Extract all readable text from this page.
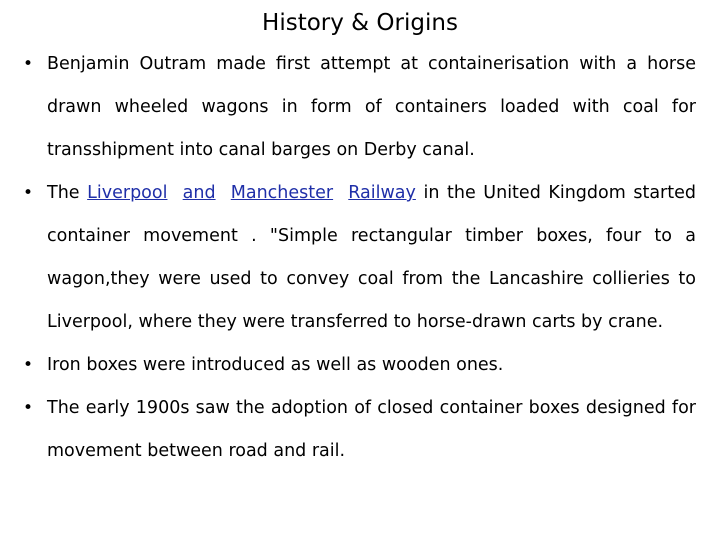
History & Origins
• Benjamin Outram made first attempt at containerisation with a horse drawn wheeled wagons in form of containers loaded with coal for transshipment into canal barges on Derby canal.
• The Liverpool and Manchester Railway in the United Kingdom started container movement . "Simple rectangular timber boxes, four to a wagon,they were used to convey coal from the Lancashire collieries to Liverpool, where they were transferred to horse-drawn carts by crane.
• Iron boxes were introduced as well as wooden ones.
• The early 1900s saw the adoption of closed container boxes designed for movement between road and rail.
